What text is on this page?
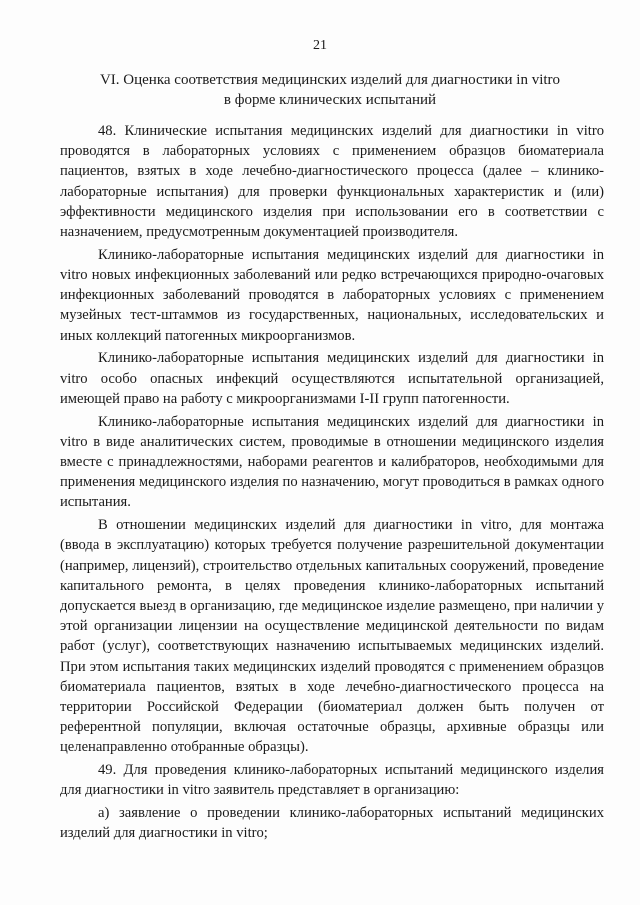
21
VI. Оценка соответствия медицинских изделий для диагностики in vitro
в форме клинических испытаний

48. Клинические испытания медицинских изделий для диагностики in vitro проводятся в лабораторных условиях с применением образцов биоматериала пациентов, взятых в ходе лечебно-диагностического процесса (далее – клинико-лабораторные испытания) для проверки функциональных характеристик и (или) эффективности медицинского изделия при использовании его в соответствии с назначением, предусмотренным документацией производителя.

Клинико-лабораторные испытания медицинских изделий для диагностики in vitro новых инфекционных заболеваний или редко встречающихся природно-очаговых инфекционных заболеваний проводятся в лабораторных условиях с применением музейных тест-штаммов из государственных, национальных, исследовательских и иных коллекций патогенных микроорганизмов.

Клинико-лабораторные испытания медицинских изделий для диагностики in vitro особо опасных инфекций осуществляются испытательной организацией, имеющей право на работу с микроорганизмами I-II групп патогенности.

Клинико-лабораторные испытания медицинских изделий для диагностики in vitro в виде аналитических систем, проводимые в отношении медицинского изделия вместе с принадлежностями, наборами реагентов и калибраторов, необходимыми для применения медицинского изделия по назначению, могут проводиться в рамках одного испытания.

В отношении медицинских изделий для диагностики in vitro, для монтажа (ввода в эксплуатацию) которых требуется получение разрешительной документации (например, лицензий), строительство отдельных капитальных сооружений, проведение капитального ремонта, в целях проведения клинико-лабораторных испытаний допускается выезд в организацию, где медицинское изделие размещено, при наличии у этой организации лицензии на осуществление медицинской деятельности по видам работ (услуг), соответствующих назначению испытываемых медицинских изделий. При этом испытания таких медицинских изделий проводятся с применением образцов биоматериала пациентов, взятых в ходе лечебно-диагностического процесса на территории Российской Федерации (биоматериал должен быть получен от референтной популяции, включая остаточные образцы, архивные образцы или целенаправленно отобранные образцы).

49. Для проведения клинико-лабораторных испытаний медицинского изделия для диагностики in vitro заявитель представляет в организацию:

а) заявление о проведении клинико-лабораторных испытаний медицинских изделий для диагностики in vitro;
